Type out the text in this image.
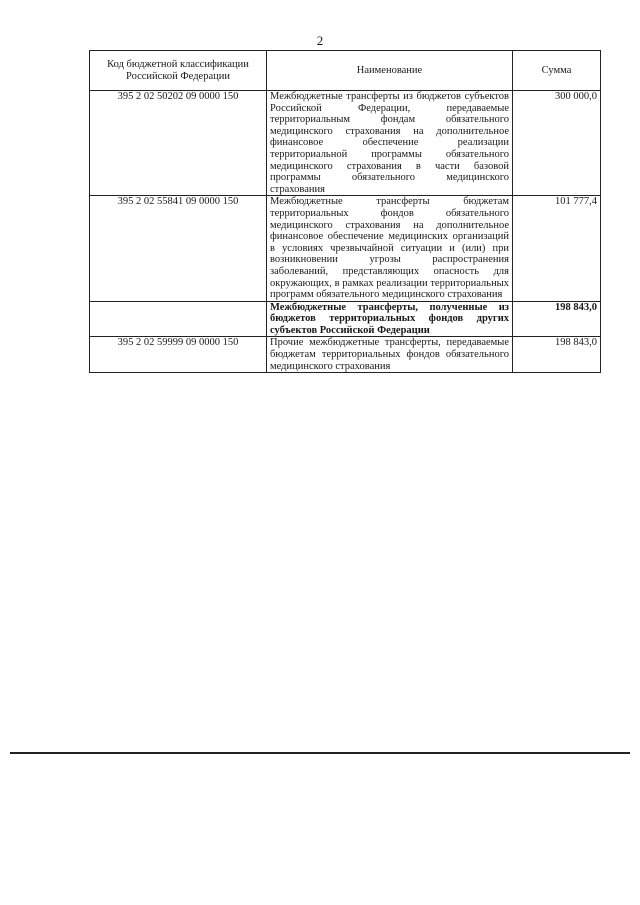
2
Код бюджетной классификации Российской Федерации	Наименование	Сумма
395 2 02 50202 09 0000 150	Межбюджетные трансферты из бюджетов субъектов Российской Федерации, передаваемые территориальным фондам обязательного медицинского страхования на дополнительное финансовое обеспечение реализации территориальной программы обязательного медицинского страхования в части базовой программы обязательного медицинского страхования	300 000,0
395 2 02 55841 09 0000 150	Межбюджетные трансферты бюджетам территориальных фондов обязательного медицинского страхования на дополнительное финансовое обеспечение медицинских организаций в условиях чрезвычайной ситуации и (или) при возникновении угрозы распространения заболеваний, представляющих опасность для окружающих, в рамках реализации территориальных программ обязательного медицинского страхования	101 777,4
	Межбюджетные трансферты, полученные из бюджетов территориальных фондов других субъектов Российской Федерации	198 843,0
395 2 02 59999 09 0000 150	Прочие межбюджетные трансферты, передаваемые бюджетам территориальных фондов обязательного медицинского страхования	198 843,0
